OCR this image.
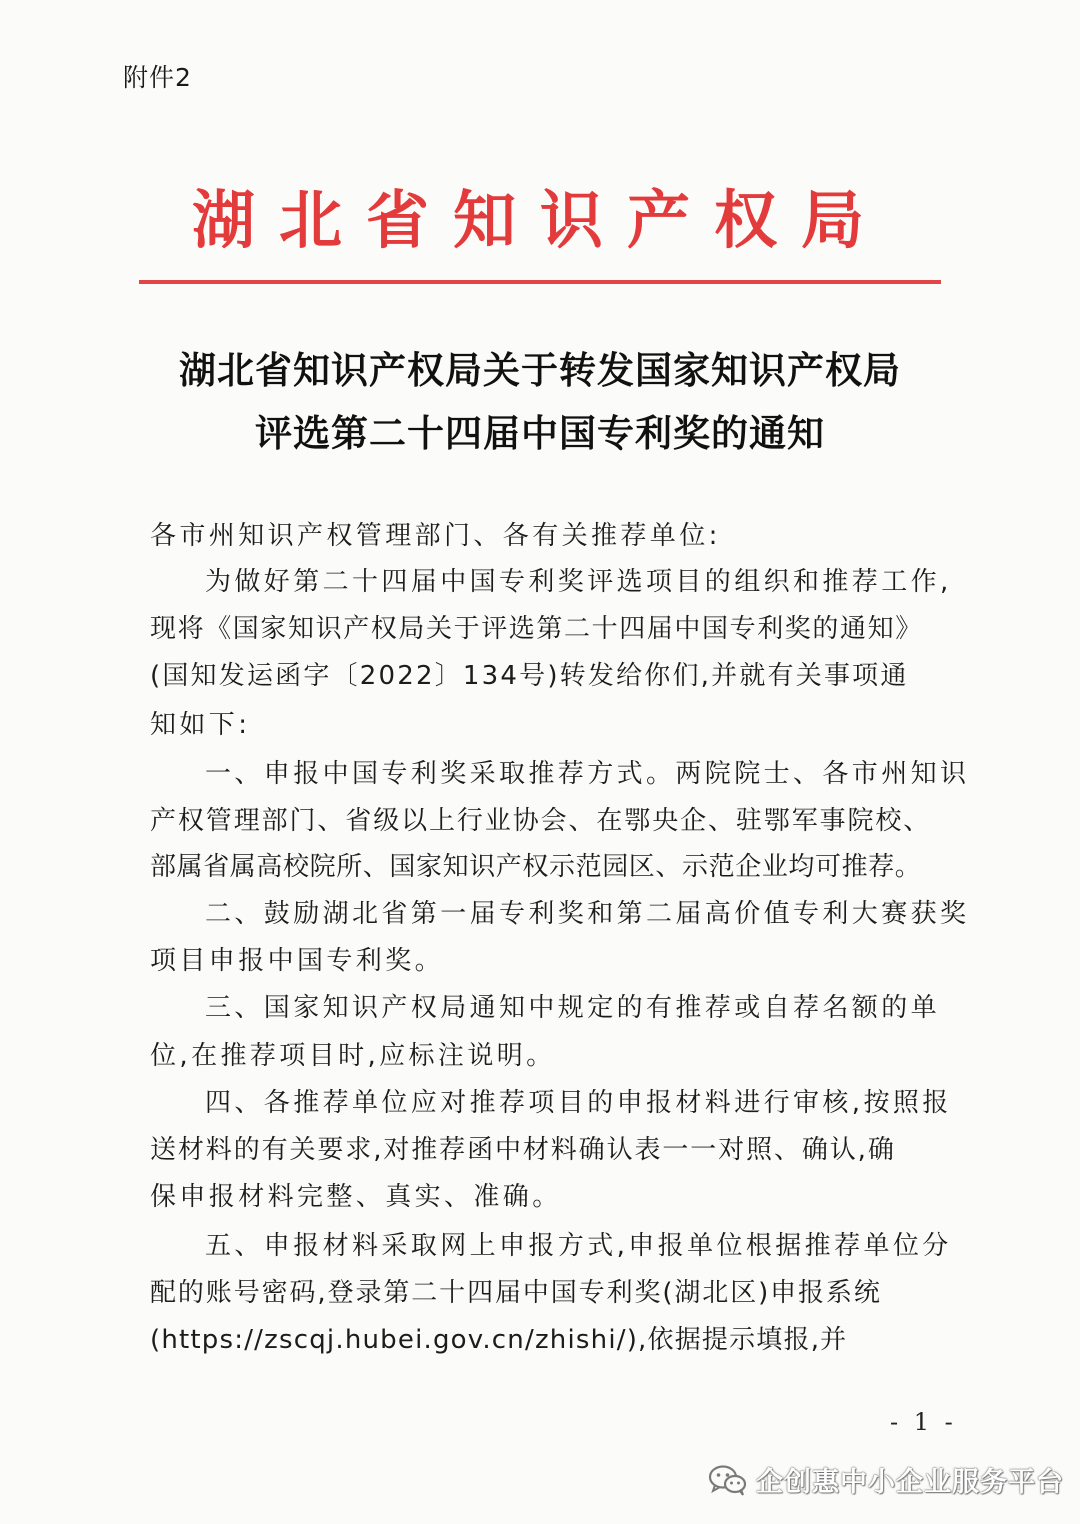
附件2
湖北省知识产权局
湖北省知识产权局关于转发国家知识产权局
评选第二十四届中国专利奖的通知
各市州知识产权管理部门、各有关推荐单位:
为做好第二十四届中国专利奖评选项目的组织和推荐工作,
现将《国家知识产权局关于评选第二十四届中国专利奖的通知》
(国知发运函字〔2022〕134号)转发给你们,并就有关事项通
知如下:
一、申报中国专利奖采取推荐方式。两院院士、各市州知识
产权管理部门、省级以上行业协会、在鄂央企、驻鄂军事院校、
部属省属高校院所、国家知识产权示范园区、示范企业均可推荐。
二、鼓励湖北省第一届专利奖和第二届高价值专利大赛获奖
项目申报中国专利奖。
三、国家知识产权局通知中规定的有推荐或自荐名额的单
位,在推荐项目时,应标注说明。
四、各推荐单位应对推荐项目的申报材料进行审核,按照报
送材料的有关要求,对推荐函中材料确认表一一对照、确认,确
保申报材料完整、真实、准确。
五、申报材料采取网上申报方式,申报单位根据推荐单位分
配的账号密码,登录第二十四届中国专利奖(湖北区)申报系统
(https://zscqj.hubei.gov.cn/zhishi/),依据提示填报,并
- 1 -
企创惠中小企业服务平台
